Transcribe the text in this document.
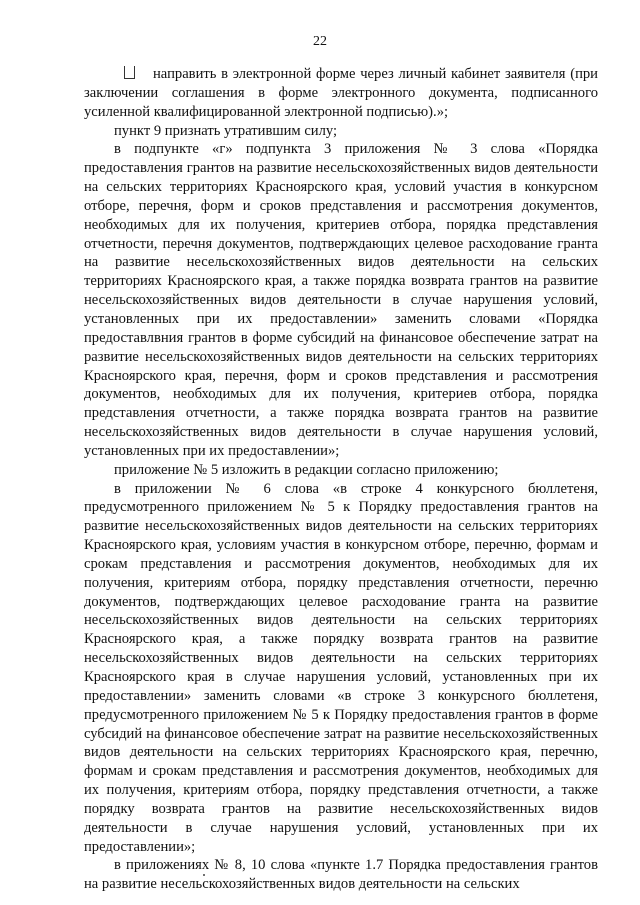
22

направить в электронной форме через личный кабинет заявителя (при заключении соглашения в форме электронного документа, подписанного усиленной квалифицированной электронной подписью).»;

пункт 9 признать утратившим силу;

в подпункте «г» подпункта 3 приложения № 3 слова «Порядка предоставления грантов на развитие несельскохозяйственных видов деятельности на сельских территориях Красноярского края, условий участия в конкурсном отборе, перечня, форм и сроков представления и рассмотрения документов, необходимых для их получения, критериев отбора, порядка представления отчетности, перечня документов, подтверждающих целевое расходование гранта на развитие несельскохозяйственных видов деятельности на сельских территориях Красноярского края, а также порядка возврата грантов на развитие несельскохозяйственных видов деятельности в случае нарушения условий, установленных при их предоставлении» заменить словами «Порядка предоставлвния грантов в форме субсидий на финансовое обеспечение затрат на развитие несельскохозяйственных видов деятельности на сельских территориях Красноярского края, перечня, форм и сроков представления и рассмотрения документов, необходимых для их получения, критериев отбора, порядка представления отчетности, а также порядка возврата грантов на развитие несельскохозяйственных видов деятельности в случае нарушения условий, установленных при их предоставлении»;

приложение № 5 изложить в редакции согласно приложению;

в приложении № 6 слова «в строке 4 конкурсного бюллетеня, предусмотренного приложением № 5 к Порядку предоставления грантов на развитие несельскохозяйственных видов деятельности на сельских территориях Красноярского края, условиям участия в конкурсном отборе, перечню, формам и срокам представления и рассмотрения документов, необходимых для их получения, критериям отбора, порядку представления отчетности, перечню документов, подтверждающих целевое расходование гранта на развитие несельскохозяйственных видов деятельности на сельских территориях Красноярского края, а также порядку возврата грантов на развитие несельскохозяйственных видов деятельности на сельских территориях Красноярского края в случае нарушения условий, установленных при их предоставлении» заменить словами «в строке 3 конкурсного бюллетеня, предусмотренного приложением № 5 к Порядку предоставления грантов в форме субсидий на финансовое обеспечение затрат на развитие несельскохозяйственных видов деятельности на сельских территориях Красноярского края, перечню, формам и срокам представления и рассмотрения документов, необходимых для их получения, критериям отбора, порядку представления отчетности, а также порядку возврата грантов на развитие несельскохозяйственных видов деятельности в случае нарушения условий, установленных при их предоставлении»;

в приложениях № 8, 10 слова «пункте 1.7 Порядка предоставления грантов на развитие несельскохозяйственных видов деятельности на сельских
